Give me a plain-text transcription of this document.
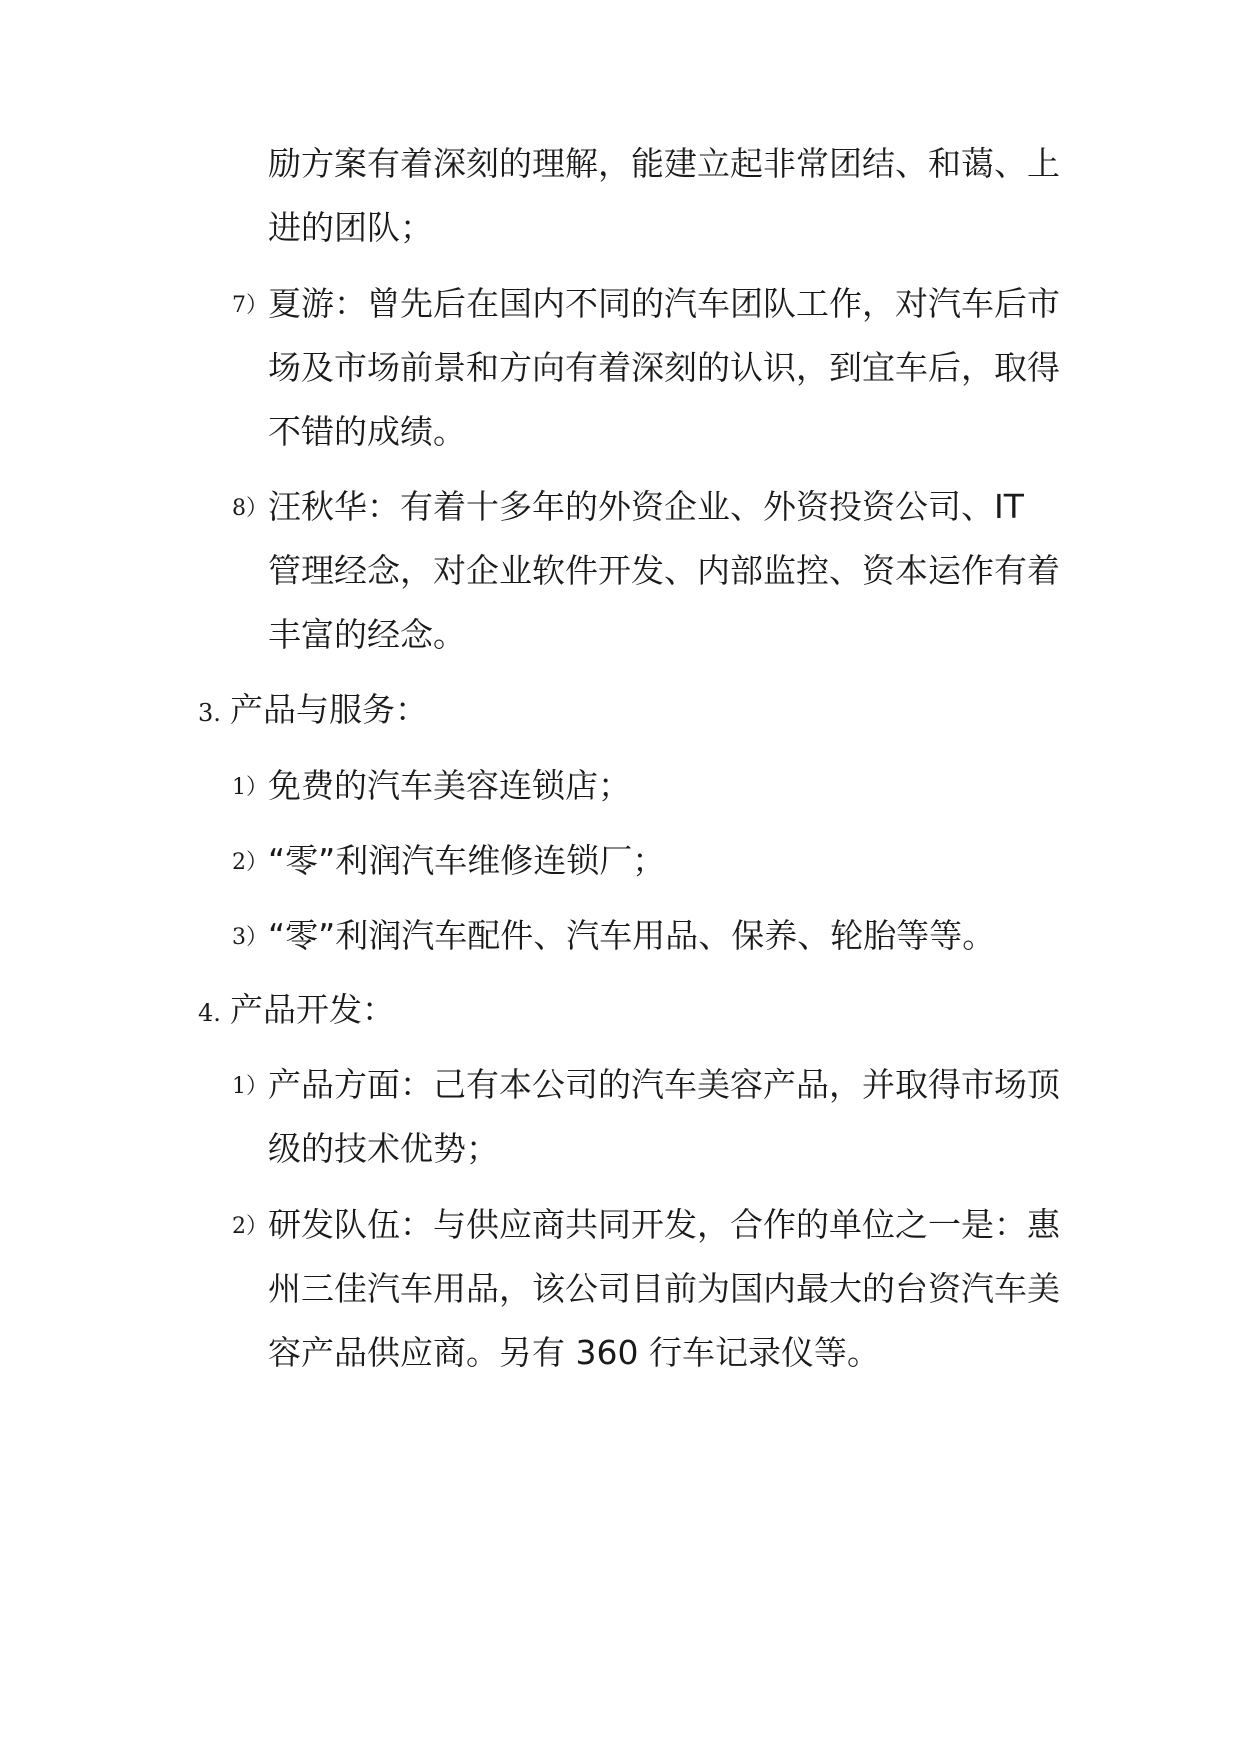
励方案有着深刻的理解，能建立起非常团结、和蔼、上
进的团队；
7） 夏游：曾先后在国内不同的汽车团队工作，对汽车后市
场及市场前景和方向有着深刻的认识，到宜车后，取得
不错的成绩。
8） 汪秋华：有着十多年的外资企业、外资投资公司、IT
管理经念，对企业软件开发、内部监控、资本运作有着
丰富的经念。
3. 产品与服务：
1） 免费的汽车美容连锁店；
2） “零”利润汽车维修连锁厂；
3） “零”利润汽车配件、汽车用品、保养、轮胎等等。
4. 产品开发：
1） 产品方面：己有本公司的汽车美容产品，并取得市场顶
级的技术优势；
2） 研发队伍：与供应商共同开发，合作的单位之一是：惠
州三佳汽车用品，该公司目前为国内最大的台资汽车美
容产品供应商。另有 360 行车记录仪等。
